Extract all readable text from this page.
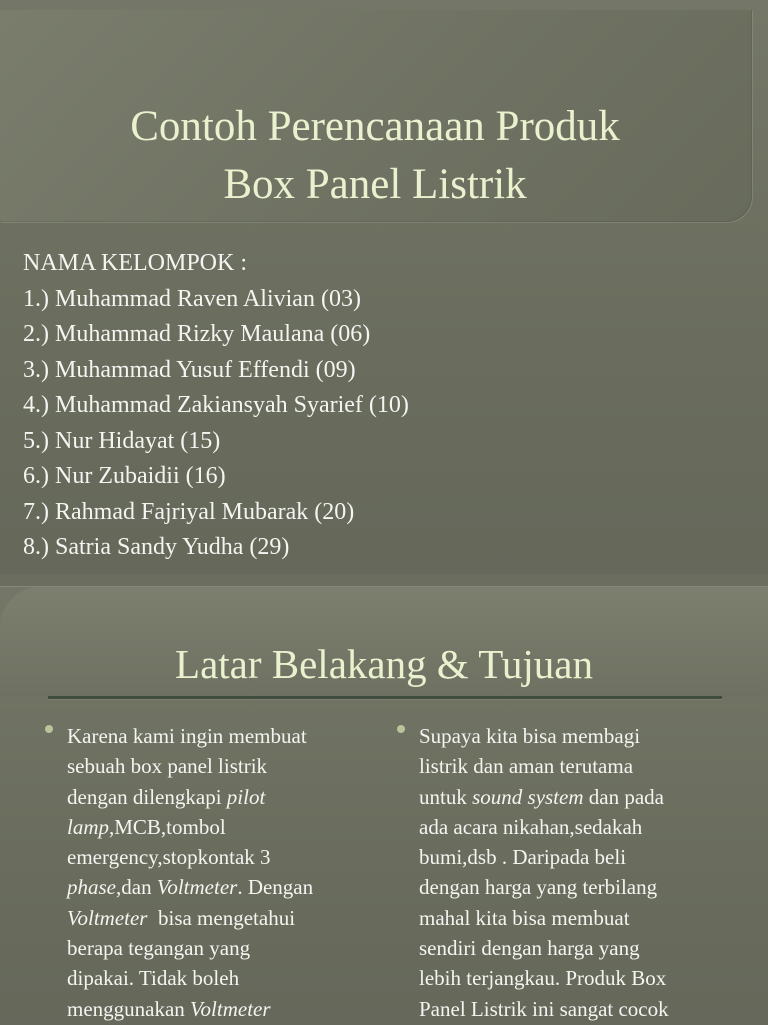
Contoh Perencanaan Produk
Box Panel Listrik
NAMA KELOMPOK :
1.) Muhammad Raven Alivian (03)
2.) Muhammad Rizky Maulana (06)
3.) Muhammad Yusuf Effendi (09)
4.) Muhammad Zakiansyah Syarief (10)
5.) Nur Hidayat (15)
6.) Nur Zubaidii (16)
7.) Rahmad Fajriyal Mubarak (20)
8.) Satria Sandy Yudha (29)
Latar Belakang & Tujuan
Karena kami ingin membuat
sebuah box panel listrik
dengan dilengkapi pilot
lamp,MCB,tombol
emergency,stopkontak 3
phase,dan Voltmeter. Dengan
Voltmeter  bisa mengetahui
berapa tegangan yang
dipakai. Tidak boleh
menggunakan Voltmeter
Supaya kita bisa membagi
listrik dan aman terutama
untuk sound system dan pada
ada acara nikahan,sedakah
bumi,dsb . Daripada beli
dengan harga yang terbilang
mahal kita bisa membuat
sendiri dengan harga yang
lebih terjangkau. Produk Box
Panel Listrik ini sangat cocok
